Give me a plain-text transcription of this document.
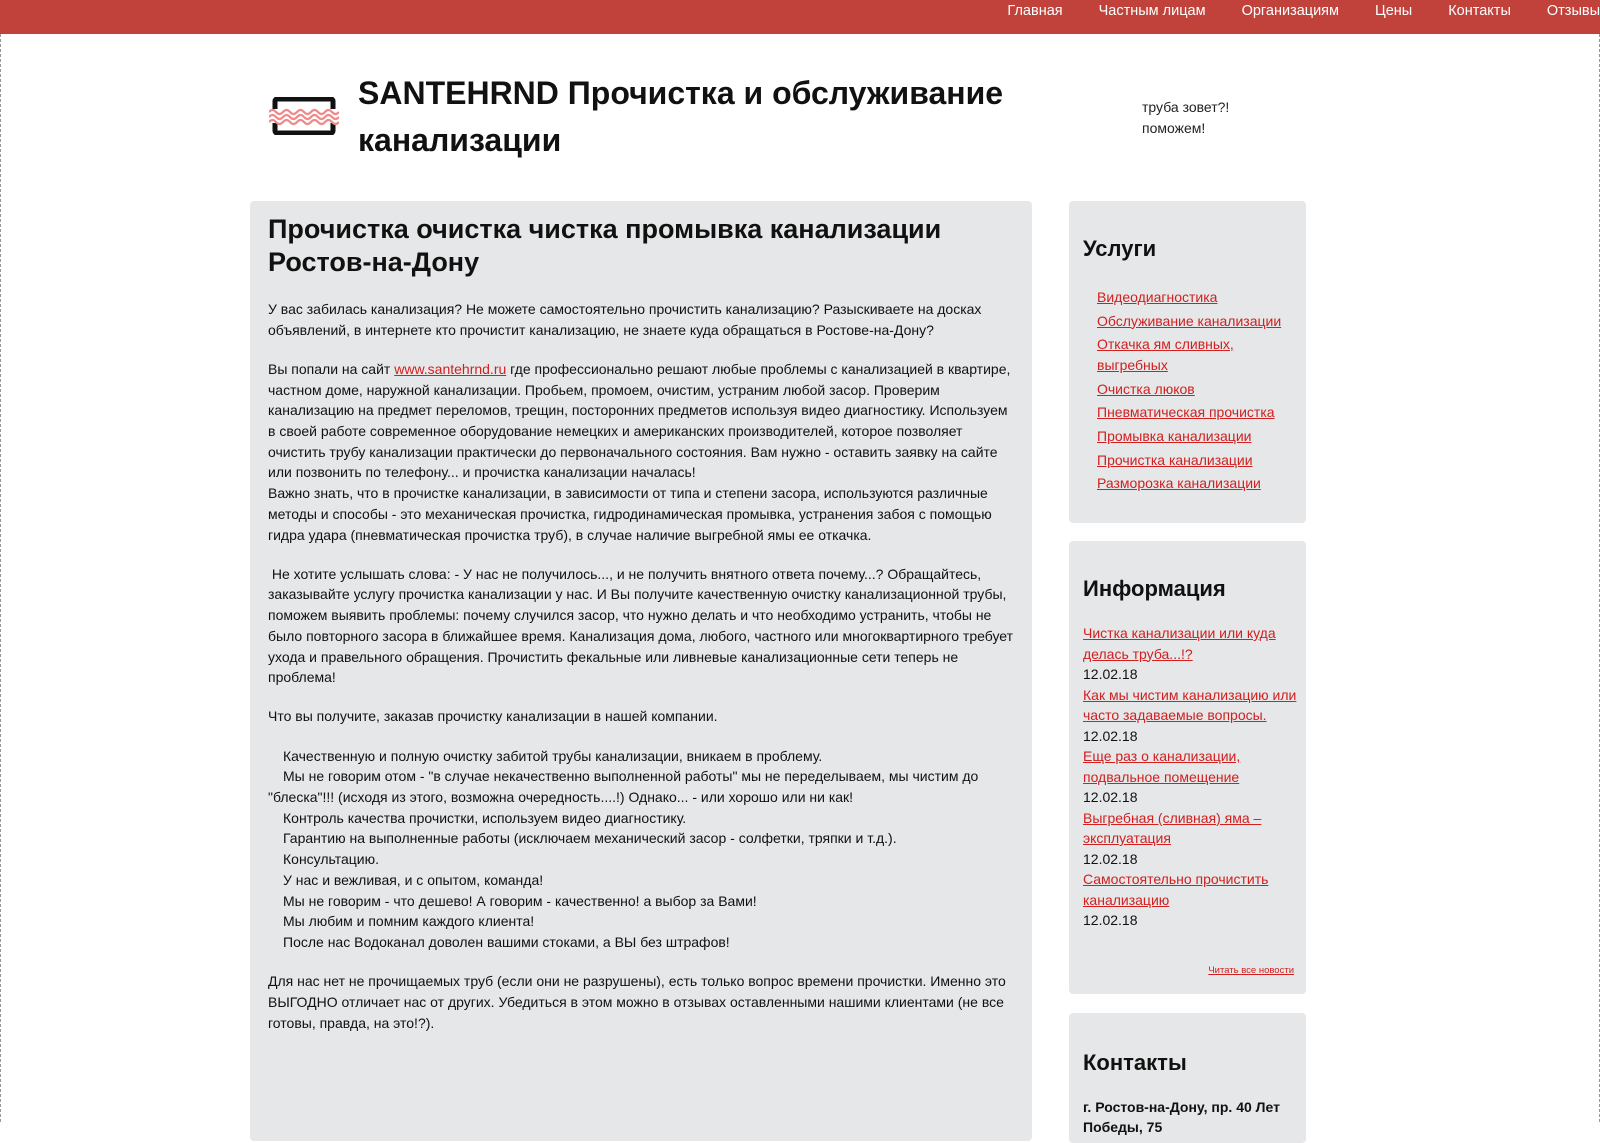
Главная Частным лицам Организациям Цены Контакты Отзывы
SANTEHRND Прочистка и обслуживание канализации
труба зовет?!
поможем!
Прочистка очистка чистка промывка канализации Ростов-на-Дону

У вас забилась канализация? Не можете самостоятельно прочистить канализацию? Разыскиваете на досках объявлений, в интернете кто прочистит канализацию, не знаете куда обращаться в Ростове-на-Дону?

Вы попали на сайт www.santehrnd.ru где профессионально решают любые проблемы с канализацией в квартире, частном доме, наружной канализации. Пробьем, промоем, очистим, устраним любой засор. Проверим канализацию на предмет переломов, трещин, посторонних предметов используя видео диагностику. Используем в своей работе современное оборудование немецких и американских производителей, которое позволяет очистить трубу канализации практически до первоначального состояния. Вам нужно - оставить заявку на сайте или позвонить по телефону... и прочистка канализации началась!
Важно знать, что в прочистке канализации, в зависимости от типа и степени засора, используются различные методы и способы - это механическая прочистка, гидродинамическая промывка, устранения забоя с помощью гидра удара (пневматическая прочистка труб), в случае наличие выгребной ямы ее откачка.

Не хотите услышать слова: - У нас не получилось..., и не получить внятного ответа почему...? Обращайтесь, заказывайте услугу прочистка канализации у нас. И Вы получите качественную очистку канализационной трубы, поможем выявить проблемы: почему случился засор, что нужно делать и что необходимо устранить, чтобы не было повторного засора в ближайшее время. Канализация дома, любого, частного или многоквартирного требует ухода и правельного обращения. Прочистить фекальные или ливневые канализационные сети теперь не проблема!

Что вы получите, заказав прочистку канализации в нашей компании.

Качественную и полную очистку забитой трубы канализации, вникаем в проблему.
Мы не говорим отом - "в случае некачественно выполненной работы" мы не переделываем, мы чистим до "блеска"!!! (исходя из этого, возможна очередность....!) Однако... - или хорошо или ни как!
Контроль качества прочистки, используем видео диагностику.
Гарантию на выполненные работы (исключаем механический засор - солфетки, тряпки и т.д.).
Консультацию.
У нас и вежливая, и с опытом, команда!
Мы не говорим - что дешево! А говорим - качественно! а выбор за Вами!
Мы любим и помним каждого клиента!
После нас Водоканал доволен вашими стоками, а ВЫ без штрафов!

Для нас нет не прочищаемых труб (если они не разрушены), есть только вопрос времени прочистки. Именно это ВЫГОДНО отличает нас от других. Убедиться в этом можно в отзывах оставленными нашими клиентами (не все готовы, правда, на это!?).

Услуги
Видеодиагностика
Обслуживание канализации
Откачка ям сливных, выгребных
Очистка люков
Пневматическая прочистка
Промывка канализации
Прочистка канализации
Разморозка канализации
Информация
Чистка канализации или куда делась труба...!?
12.02.18
Как мы чистим канализацию или часто задаваемые вопросы.
12.02.18
Еще раз о канализации, подвальное помещение
12.02.18
Выгребная (сливная) яма – эксплуатация
12.02.18
Самостоятельно прочистить канализацию
12.02.18
Читать все новости
Контакты
г. Ростов-на-Дону, пр. 40 Лет Победы, 75
